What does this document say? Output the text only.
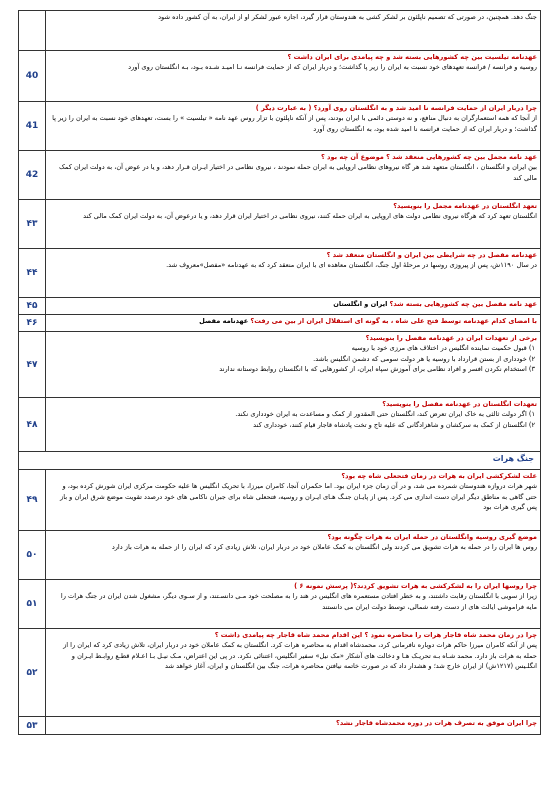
جنگ دهد. همچنین، در صورتی که تصمیم ناپلئون بر لشکر کشی به هندوستان قرار گیرد، اجازه عبور لشکر او از ایران، به آن کشور داده شود	

عهدنامه تیلسیت بین چه کشورهایی بسته شد و چه پیامدی برای ایران داشت ؟
روسیه و فرانسه / فرانسه تعهدهای خود نسبت به ایران را زیر پا گذاشت؛ و دربار ایران که از حمایت فرانسه نـا امیـد شـده بـود، بـه انگلستان روی آورد	40

چرا دربار ایران از حمایت فرانسه نا امید شد و به انگلستان روی آورد؟ ( به عبارت دیگر )
از آنجا که همه استعمارگران به دنبال منافع، و نه دوستی دائمی با ایران بودند، پس از آنکه ناپلئون با تزار روس عهد نامه « تیلسیت » را بست، تعهدهای خود نسبت به ایران را زیر پا گذاشت؛ و دربار ایران که از حمایت فرانسه نا امید شده بود، به انگلستان روی آورد	41

عهد نامه مجمل بین چه کشورهایی منعقد شد ؟ موضوع آن چه بود ؟
بین ایران و انگلستان ، انگلستان متعهد شد هر گاه نیروهای نظامی اروپایی به ایران حمله نمودند ، نیروی نظامی در اختیار ایـران قـرار دهد، و یا در عوض آن، به دولت ایران کمک مالی کند	42

تعهد انگلستان در عهدنامه مجمل را بنویسید؟
انگلستان تعهد کرد که هرگاه نیروی نظامی دولت های اروپایی به ایران حمله کنند، نیروی نظامی در اختیار ایران قرار دهد، و یا درعوض آن، به دولت ایران کمک مالی کند	۴۳

عهدنامه مفصل در چه شرایطی بین ایران و انگلستان منعقد شد ؟
در سال ۱۱۹۰ش، پس از پیروزی روسها در مرحلهٔ اول جنگ، انگلستان معاهده ای با ایران منعقد کرد که به عهدنامه «مفصل»معروف شد.	۴۴
عهد نامه مفصل بین چه کشورهایی بسته شد؟ ایران و انگلستان	۴۵
با امضای کدام عهدنامه توسط فتح علی شاه ، به گونه ای استقلال ایران از بین می رفت؟ عهدنامه مفصل	۴۶

برخی از تعهدات ایران در عهدنامه مفصل را بنویسید؟
۱) قبول حکمیت نماینده انگلیس در اختلاف های مرزی خود با روسیه
۲) خودداری از بستن قرارداد با روسیه یا هر دولت سومی که دشمن انگلیس باشد.
۳) استخدام نکردن افسر و افراد نظامی برای آموزش سپاه ایران، از کشورهایی که با انگلستان روابط دوستانه ندارند	۴۷

تعهدات انگلستان در عهدنامه مفصل را بنویسید؟
۱) اگر دولت ثالثی به خاک ایران تعرض کند، انگلستان حتی المقدور از کمک و مساعدت به ایران خودداری نکند.
۲) انگلستان از کمک به سرکشان و شاهزادگانی که علیه تاج و تخت پادشاه قاجار قیام کنند، خودداری کند	۴۸
جنگ هرات	

علت لشکرکشی ایران به هرات در زمان فتحعلی شاه چه بود؟
شهر هرات دروازه هندوستان شمرده می شد، و در آن زمان جزء ایران بود. اما حکمران آنجا، کامران میرزا، با تحریک انگلیس ها علیه حکومت مرکزی ایران شورش کرده بود، و حتی گاهی به مناطق دیگر ایران دست اندازی می کرد. پس از پایـان جنـگ هـای ایـران و روسیه، فتحعلی شاه برای جبران ناکامی های خود درصدد تقویت موضع شرق ایران و باز پس گیری هرات بود	۴۹

موضع گیری روسیه وانگلستان در حمله ایران به هرات چگونه بود؟
روس ها ایران را در حمله به هرات تشویق می کردند ولی انگلستان به کمک عاملان خود در دربار ایران، تلاش زیادی کرد که ایران را از حمله به هرات باز دارد	۵۰

چرا روسها ایران را به لشکرکشی به هرات تشویق کردند؟( پرسش نمونه ۶ )
زیرا از سویی با انگلستان رقابت داشتند، و به خطر افتادن مستعمره های انگلیس در هند را به مصلحت خود مـی دانسـتند، و از سـوی دیگر، مشغول شدن ایران در جنگ هرات را مایه فراموشی ایالت های از دست رفته شمالی، توسط دولت ایران می دانستند	۵۱

چرا در زمان محمد شاه قاجار هرات را محاصره نمود ؟ این اقدام محمد شاه قاجار چه پیامدی داشت ؟
پس از آنکه کامران میرزا حاکم هرات دوباره نافرمانی کرد، محمدشاه اقدام به محاصره هرات کرد. انگلستان به کمک عاملان خود در دربار ایران، تلاش زیادی کرد که ایران را از حمله به هرات باز دارد. محمد شـاه بـه تحریـک هـا و دخالت های آشکار «مک نیل» سفیر انگلیس، اعتنائی نکرد. در پی این اعتراض، مـک نیـل بـا اعـلام قطـع روابـط ایـران و انگلـیس (۱۲۱۷ش) از ایران خارج شد؛ و هشدار داد که در صورت خاتمه نیافتن محاصره هرات، جنگ بین انگلستان و ایران، آغاز خواهد شد	۵۲

چرا ایران موفق به تصرف هرات در دوره محمدشاه قاجار نشد؟	۵۳
